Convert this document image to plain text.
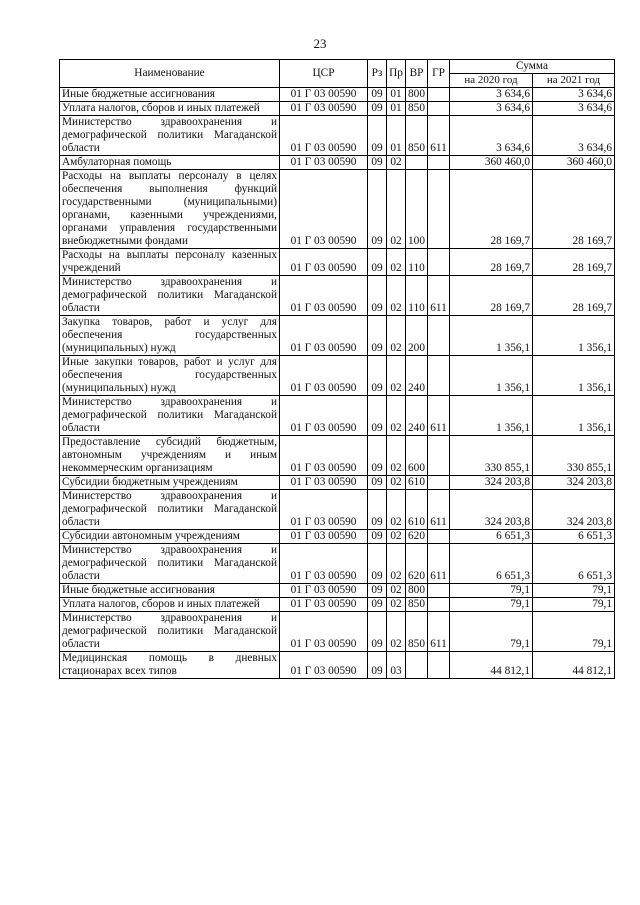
23
Наименование	ЦСР	Рз	Пр	ВР	ГР	Сумма	
						на 2020 год	на 2021 год
Иные бюджетные ассигнования	01 Г 03 00590	09	01	800		3 634,6	3 634,6
Уплата налогов, сборов и иных платежей	01 Г 03 00590	09	01	850		3 634,6	3 634,6
Министерство здравоохранения и демографической политики Магаданской области	01 Г 03 00590	09	01	850	611	3 634,6	3 634,6
Амбулаторная помощь	01 Г 03 00590	09	02			360 460,0	360 460,0
Расходы на выплаты персоналу в целях обеспечения выполнения функций государственными (муниципальными) органами, казенными учреждениями, органами управления государственными внебюджетными фондами	01 Г 03 00590	09	02	100		28 169,7	28 169,7
Расходы на выплаты персоналу казенных учреждений	01 Г 03 00590	09	02	110		28 169,7	28 169,7
Министерство здравоохранения и демографической политики Магаданской области	01 Г 03 00590	09	02	110	611	28 169,7	28 169,7
Закупка товаров, работ и услуг для обеспечения государственных (муниципальных) нужд	01 Г 03 00590	09	02	200		1 356,1	1 356,1
Иные закупки товаров, работ и услуг для обеспечения государственных (муниципальных) нужд	01 Г 03 00590	09	02	240		1 356,1	1 356,1
Министерство здравоохранения и демографической политики Магаданской области	01 Г 03 00590	09	02	240	611	1 356,1	1 356,1
Предоставление субсидий бюджетным, автономным учреждениям и иным некоммерческим организациям	01 Г 03 00590	09	02	600		330 855,1	330 855,1
Субсидии бюджетным учреждениям	01 Г 03 00590	09	02	610		324 203,8	324 203,8
Министерство здравоохранения и демографической политики Магаданской области	01 Г 03 00590	09	02	610	611	324 203,8	324 203,8
Субсидии автономным учреждениям	01 Г 03 00590	09	02	620		6 651,3	6 651,3
Министерство здравоохранения и демографической политики Магаданской области	01 Г 03 00590	09	02	620	611	6 651,3	6 651,3
Иные бюджетные ассигнования	01 Г 03 00590	09	02	800		79,1	79,1
Уплата налогов, сборов и иных платежей	01 Г 03 00590	09	02	850		79,1	79,1
Министерство здравоохранения и демографической политики Магаданской области	01 Г 03 00590	09	02	850	611	79,1	79,1
Медицинская помощь в дневных стационарах всех типов	01 Г 03 00590	09	03			44 812,1	44 812,1
